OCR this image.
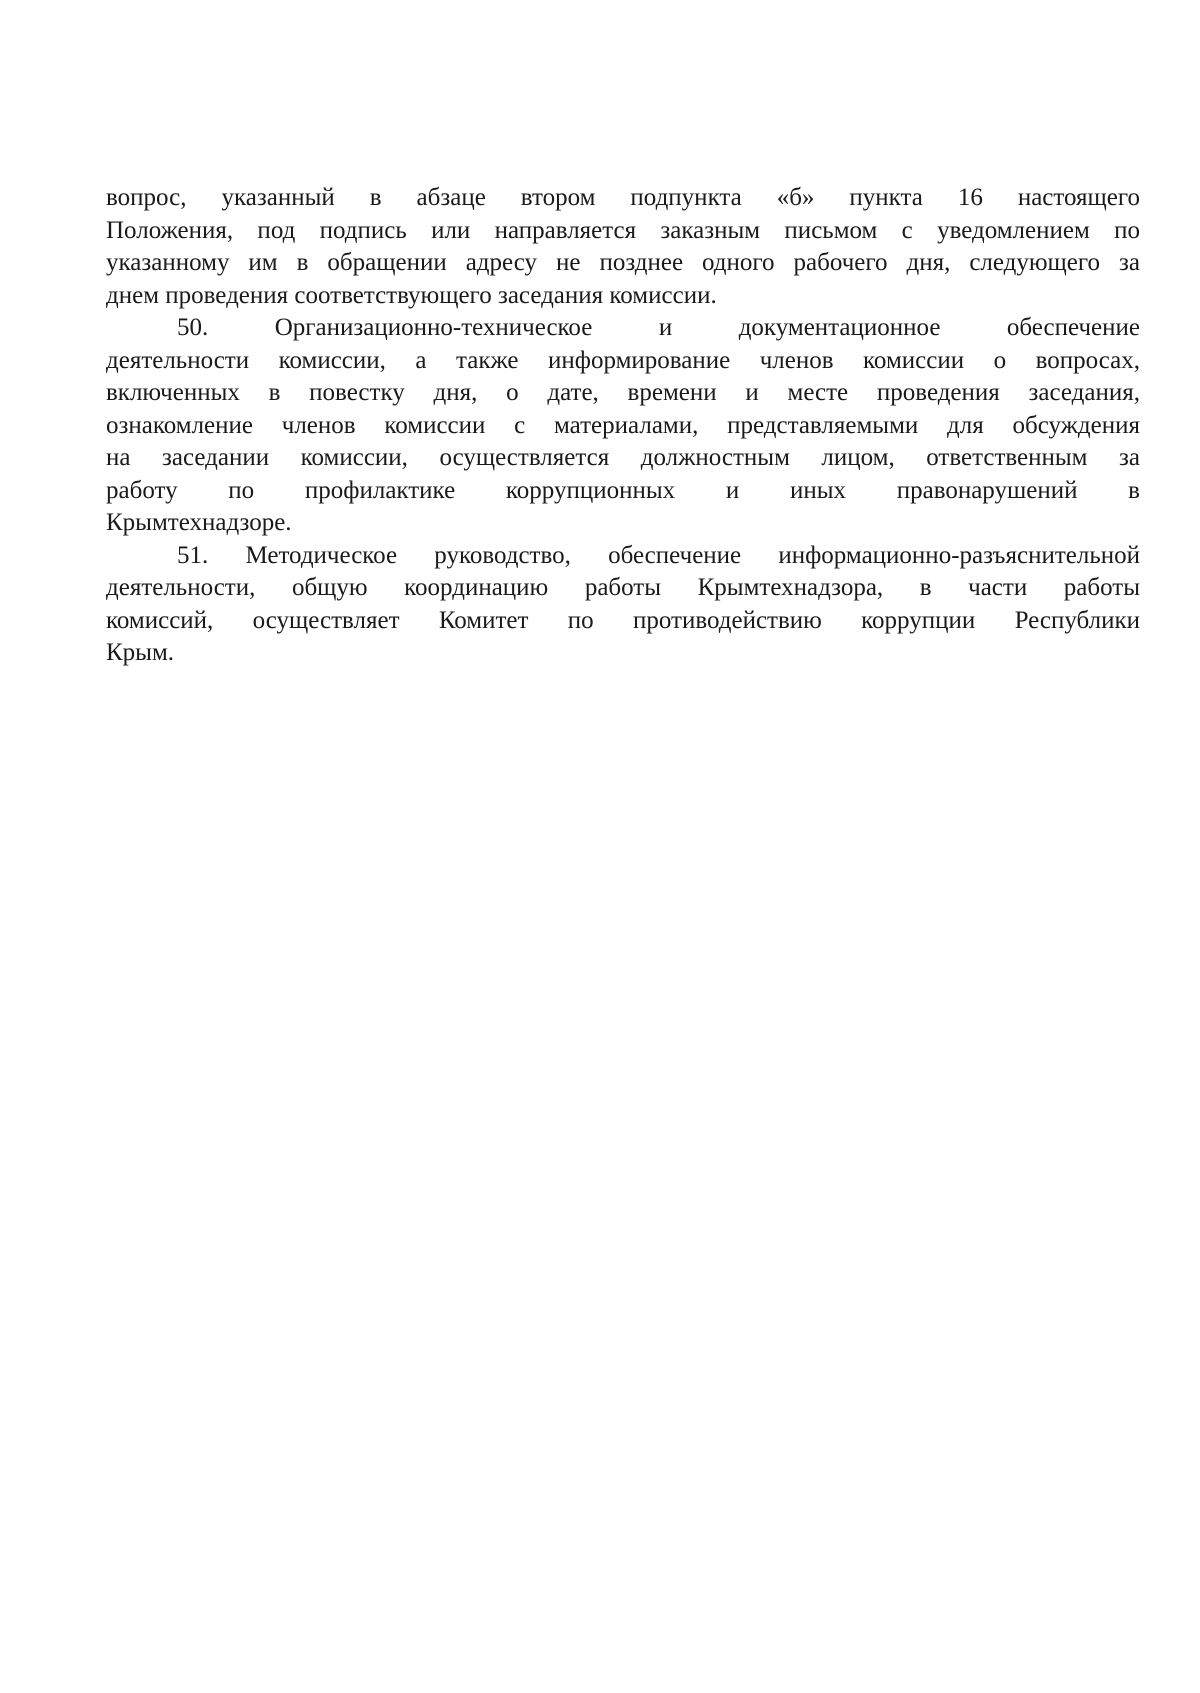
вопрос, указанный в абзаце втором подпункта «б» пункта 16 настоящего
Положения, под подпись или направляется заказным письмом с уведомлением по
указанному им в обращении адресу не позднее одного рабочего дня, следующего за
днем проведения соответствующего заседания комиссии.
50. Организационно-техническое и документационное обеспечение
деятельности комиссии, а также информирование членов комиссии о вопросах,
включенных в повестку дня, о дате, времени и месте проведения заседания,
ознакомление членов комиссии с материалами, представляемыми для обсуждения
на заседании комиссии, осуществляется должностным лицом, ответственным за
работу по профилактике коррупционных и иных правонарушений в
Крымтехнадзоре.
51. Методическое руководство, обеспечение информационно-разъяснительной
деятельности, общую координацию работы Крымтехнадзора, в части работы
комиссий, осуществляет Комитет по противодействию коррупции Республики
Крым.
